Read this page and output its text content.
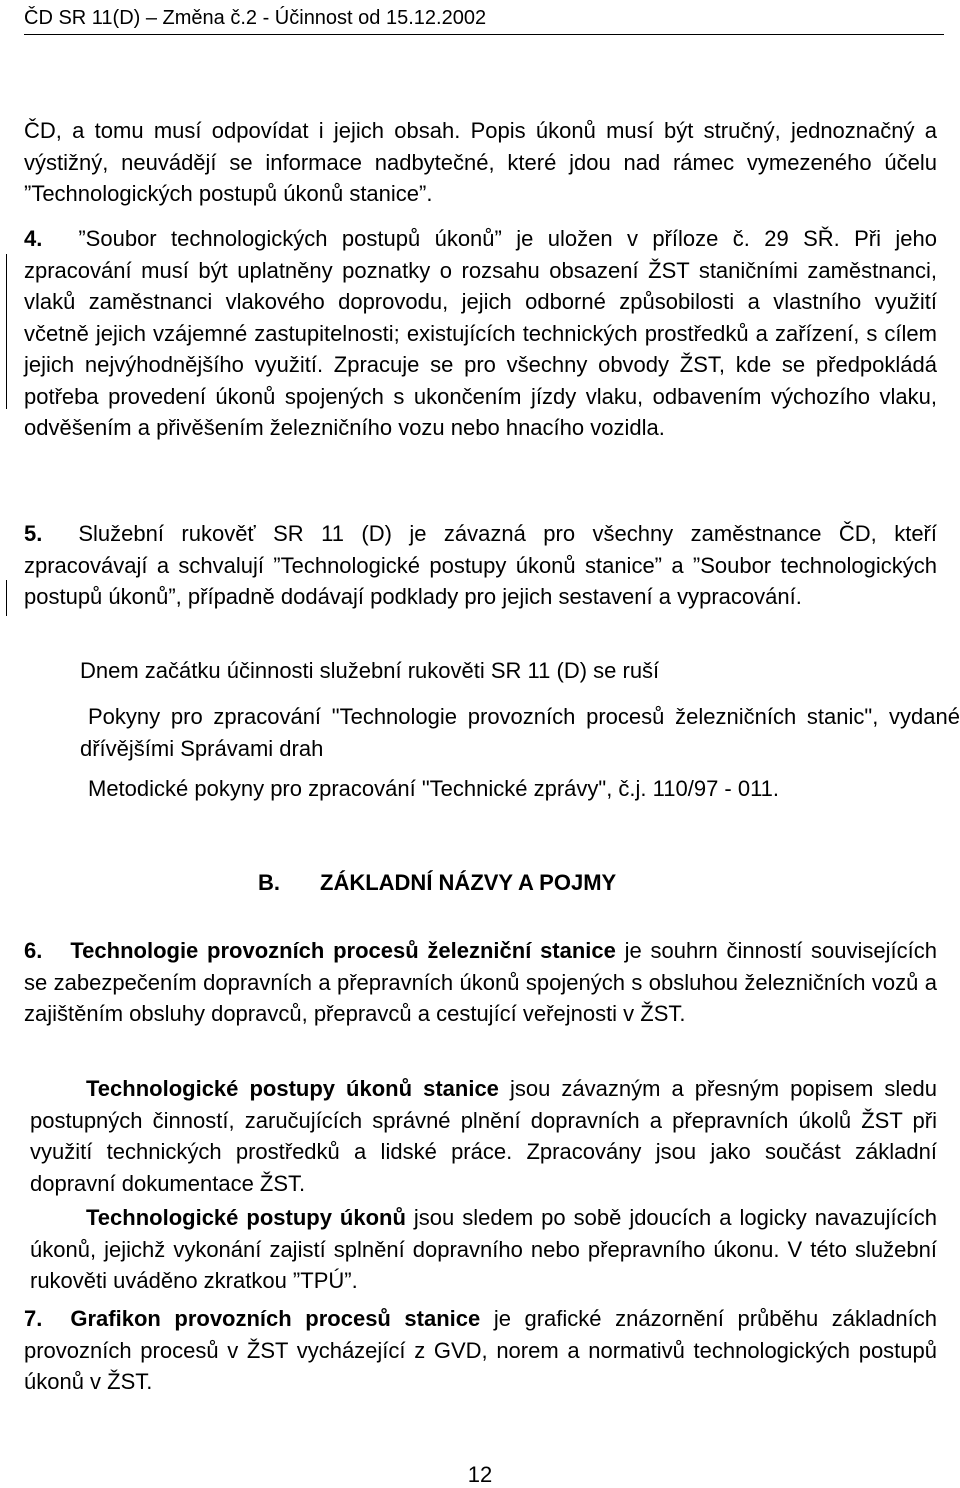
ČD SR 11(D) – Změna č.2 - Účinnost od 15.12.2002

ČD, a tomu musí odpovídat i jejich obsah. Popis úkonů musí být stručný, jednoznačný a výstižný, neuvádějí se informace nadbytečné, které jdou nad rámec vymezeného účelu ”Technologických postupů úkonů stanice”.

4. ”Soubor technologických postupů úkonů” je uložen v příloze č. 29 SŘ. Při jeho zpracování musí být uplatněny poznatky o rozsahu obsazení ŽST staničními zaměstnanci, vlaků zaměstnanci vlakového doprovodu, jejich odborné způsobilosti a vlastního využití včetně jejich vzájemné zastupitelnosti; existujících technických prostředků a zařízení, s cílem jejich nejvýhodnějšího využití. Zpracuje se pro všechny obvody ŽST, kde se předpokládá potřeba provedení úkonů spojených s ukončením jízdy vlaku, odbavením výchozího vlaku, odvěšením a přivěšením železničního vozu nebo hnacího vozidla.

5. Služební rukověť SR 11 (D) je závazná pro všechny zaměstnance ČD, kteří zpracovávají a schvalují ”Technologické postupy úkonů stanice” a ”Soubor technologických postupů úkonů”, případně dodávají podklady pro jejich sestavení a vypracování.

Dnem začátku účinnosti služební rukověti SR 11 (D) se ruší

Pokyny pro zpracování "Technologie provozních procesů železničních stanic", vydané dřívějšími Správami drah

Metodické pokyny pro zpracování "Technické zprávy", č.j. 110/97 - 011.

B. ZÁKLADNÍ NÁZVY A POJMY

6. Technologie provozních procesů železniční stanice je souhrn činností souvisejících se zabezpečením dopravních a přepravních úkonů spojených s obsluhou železničních vozů a zajištěním obsluhy dopravců, přepravců a cestující veřejnosti v ŽST.

Technologické postupy úkonů stanice jsou závazným a přesným popisem sledu postupných činností, zaručujících správné plnění dopravních a přepravních úkolů ŽST při využití technických prostředků a lidské práce. Zpracovány jsou jako součást základní dopravní dokumentace ŽST.

Technologické postupy úkonů jsou sledem po sobě jdoucích a logicky navazujících úkonů, jejichž vykonání zajistí splnění dopravního nebo přepravního úkonu. V této služební rukověti uváděno zkratkou ”TPÚ”.

7. Grafikon provozních procesů stanice je grafické znázornění průběhu základních provozních procesů v ŽST vycházející z GVD, norem a normativů technologických postupů úkonů v ŽST.

12
